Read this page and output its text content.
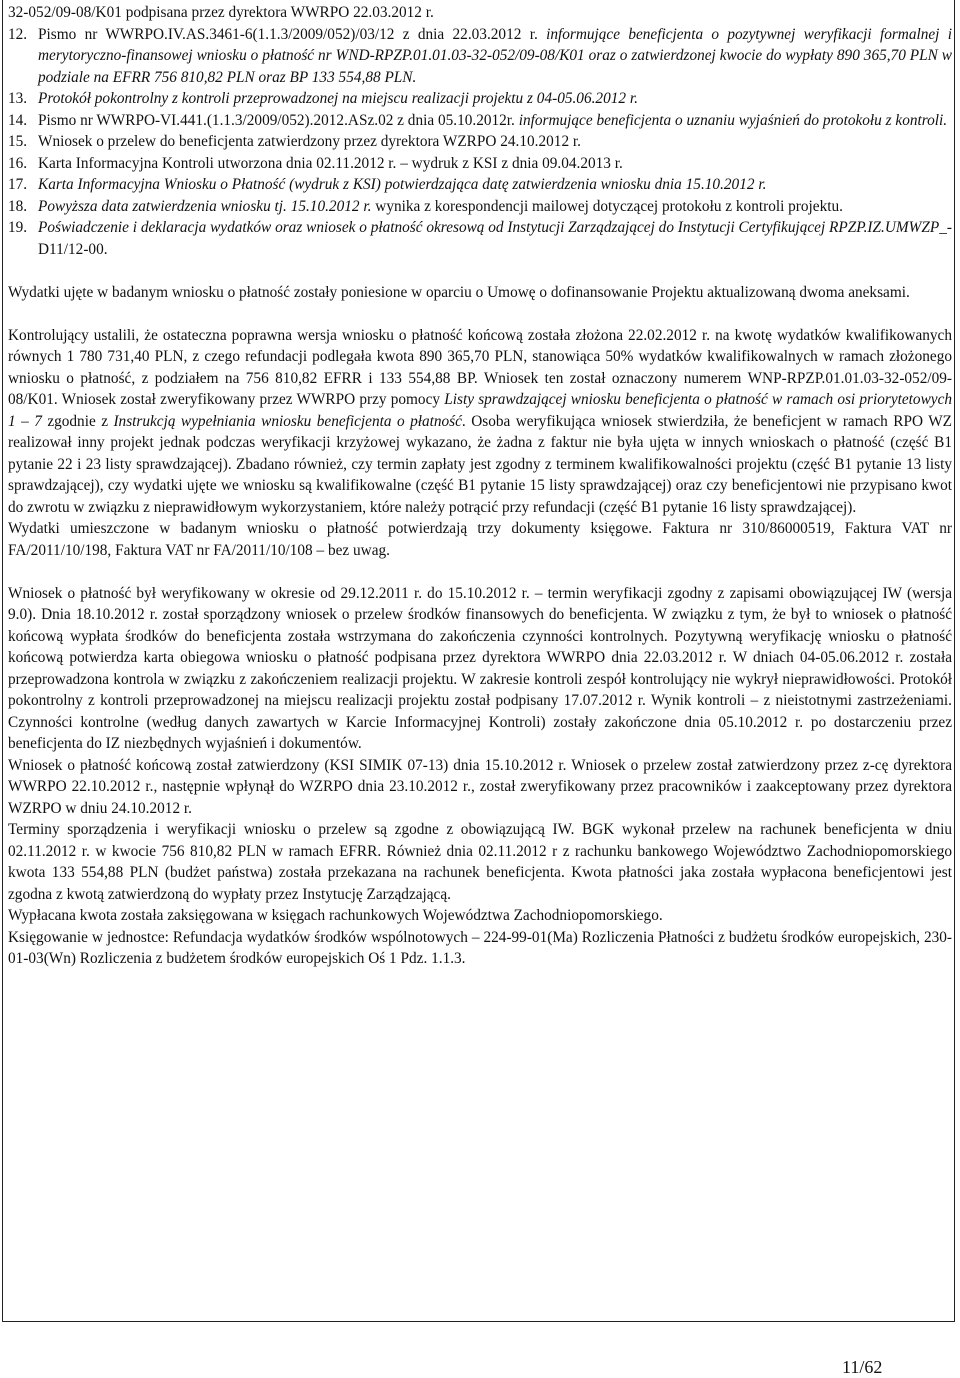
32-052/09-08/K01 podpisana przez dyrektora WWRPO 22.03.2012 r.

12. Pismo nr WWRPO.IV.AS.3461-6(1.1.3/2009/052)/03/12 z dnia 22.03.2012 r. informujące beneficjenta o pozytywnej weryfikacji formalnej i merytoryczno-finansowej wniosku o płatność nr WND-RPZP.01.01.03-32-052/09-08/K01 oraz o zatwierdzonej kwocie do wypłaty 890 365,70 PLN w podziale na EFRR 756 810,82 PLN oraz BP 133 554,88 PLN.
13. Protokół pokontrolny z kontroli przeprowadzonej na miejscu realizacji projektu z 04-05.06.2012 r.
14. Pismo nr WWRPO-VI.441.(1.1.3/2009/052).2012.ASz.02 z dnia 05.10.2012r. informujące beneficjenta o uznaniu wyjaśnień do protokołu z kontroli.
15. Wniosek o przelew do beneficjenta zatwierdzony przez dyrektora WZRPO 24.10.2012 r.
16. Karta Informacyjna Kontroli utworzona dnia 02.11.2012 r. – wydruk z KSI z dnia 09.04.2013 r.
17. Karta Informacyjna Wniosku o Płatność (wydruk z KSI) potwierdzająca datę zatwierdzenia wniosku dnia 15.10.2012 r.
18. Powyższa data zatwierdzenia wniosku tj. 15.10.2012 r. wynika z korespondencji mailowej dotyczącej protokołu z kontroli projektu.
19. Poświadczenie i deklaracja wydatków oraz wniosek o płatność okresową od Instytucji Zarządzającej do Instytucji Certyfikującej RPZP.IZ.UMWZP_-D11/12-00.

Wydatki ujęte w badanym wniosku o płatność zostały poniesione w oparciu o Umowę o dofinansowanie Projektu aktualizowaną dwoma aneksami.

Kontrolujący ustalili, że ostateczna poprawna wersja wniosku o płatność końcową została złożona 22.02.2012 r. na kwotę wydatków kwalifikowanych równych 1 780 731,40 PLN, z czego refundacji podlegała kwota 890 365,70 PLN, stanowiąca 50% wydatków kwalifikowalnych w ramach złożonego wniosku o płatność, z podziałem na 756 810,82 EFRR i 133 554,88 BP. Wniosek ten został oznaczony numerem WNP-RPZP.01.01.03-32-052/09-08/K01. Wniosek został zweryfikowany przez WWRPO przy pomocy Listy sprawdzającej wniosku beneficjenta o płatność w ramach osi priorytetowych 1 – 7 zgodnie z Instrukcją wypełniania wniosku beneficjenta o płatność. Osoba weryfikująca wniosek stwierdziła, że beneficjent w ramach RPO WZ realizował inny projekt jednak podczas weryfikacji krzyżowej wykazano, że żadna z faktur nie była ujęta w innych wnioskach o płatność (część B1 pytanie 22 i 23 listy sprawdzającej). Zbadano również, czy termin zapłaty jest zgodny z terminem kwalifikowalności projektu (część B1 pytanie 13 listy sprawdzającej), czy wydatki ujęte we wniosku są kwalifikowalne (część B1 pytanie 15 listy sprawdzającej) oraz czy beneficjentowi nie przypisano kwot do zwrotu w związku z nieprawidłowym wykorzystaniem, które należy potrącić przy refundacji (część B1 pytanie 16 listy sprawdzającej).

Wydatki umieszczone w badanym wniosku o płatność potwierdzają trzy dokumenty księgowe. Faktura nr 310/86000519, Faktura VAT nr FA/2011/10/198, Faktura VAT nr FA/2011/10/108 – bez uwag.

Wniosek o płatność był weryfikowany w okresie od 29.12.2011 r. do 15.10.2012 r. – termin weryfikacji zgodny z zapisami obowiązującej IW (wersja 9.0). Dnia 18.10.2012 r. został sporządzony wniosek o przelew środków finansowych do beneficjenta. W związku z tym, że był to wniosek o płatność końcową wypłata środków do beneficjenta została wstrzymana do zakończenia czynności kontrolnych. Pozytywną weryfikację wniosku o płatność końcową potwierdza karta obiegowa wniosku o płatność podpisana przez dyrektora WWRPO dnia 22.03.2012 r. W dniach 04-05.06.2012 r. została przeprowadzona kontrola w związku z zakończeniem realizacji projektu. W zakresie kontroli zespół kontrolujący nie wykrył nieprawidłowości. Protokół pokontrolny z kontroli przeprowadzonej na miejscu realizacji projektu został podpisany 17.07.2012 r. Wynik kontroli – z nieistotnymi zastrzeżeniami. Czynności kontrolne (według danych zawartych w Karcie Informacyjnej Kontroli) zostały zakończone dnia 05.10.2012 r. po dostarczeniu przez beneficjenta do IZ niezbędnych wyjaśnień i dokumentów.

Wniosek o płatność końcową został zatwierdzony (KSI SIMIK 07-13) dnia 15.10.2012 r. Wniosek o przelew został zatwierdzony przez z-cę dyrektora WWRPO 22.10.2012 r., następnie wpłynął do WZRPO dnia 23.10.2012 r., został zweryfikowany przez pracowników i zaakceptowany przez dyrektora WZRPO w dniu 24.10.2012 r.

Terminy sporządzenia i weryfikacji wniosku o przelew są zgodne z obowiązującą IW. BGK wykonał przelew na rachunek beneficjenta w dniu 02.11.2012 r. w kwocie 756 810,82 PLN w ramach EFRR. Również dnia 02.11.2012 r z rachunku bankowego Województwo Zachodniopomorskiego kwota 133 554,88 PLN (budżet państwa) została przekazana na rachunek beneficjenta. Kwota płatności jaka została wypłacona beneficjentowi jest zgodna z kwotą zatwierdzoną do wypłaty przez Instytucję Zarządzającą.

Wypłacana kwota została zaksięgowana w księgach rachunkowych Województwa Zachodniopomorskiego.

Księgowanie w jednostce: Refundacja wydatków środków wspólnotowych – 224-99-01(Ma) Rozliczenia Płatności z budżetu środków europejskich, 230-01-03(Wn) Rozliczenia z budżetem środków europejskich Oś 1 Pdz. 1.1.3.

11/62
